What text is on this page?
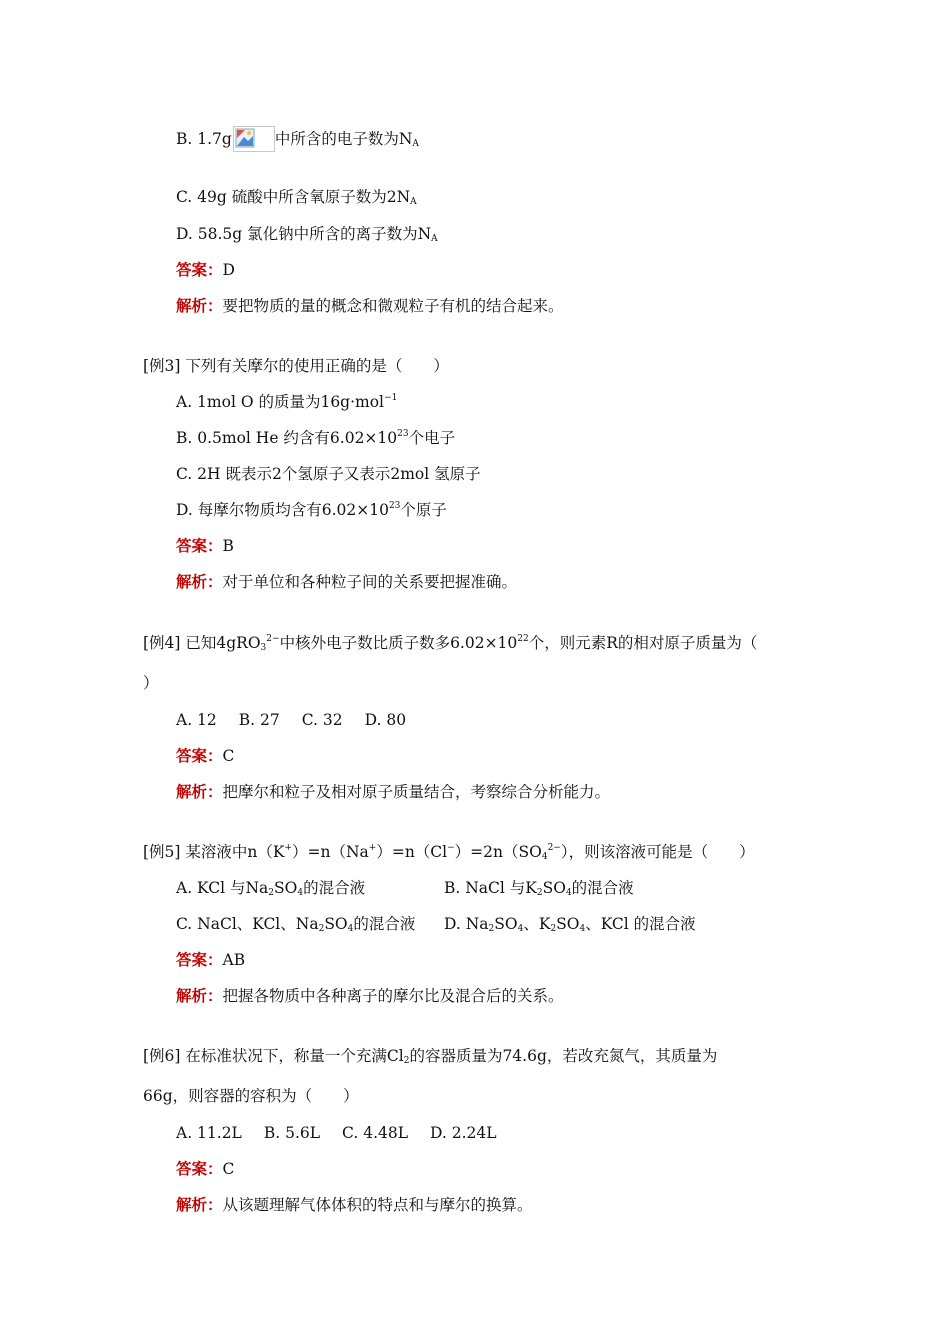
B. 1.7g	中所含的电子数为$N_A$
C. 49g 硫酸中所含氧原子数为$2N_A$
D. 58.5g 氯化钠中所含的离子数为$N_A$
答案：D
解析：要把物质的量的概念和微观粒子有机的结合起来。
[例3] 下列有关摩尔的使用正确的是（　　）
A. 1mol O 的质量为16g·mol$^{-1}$
B. 0.5mol He 约含有$6.02\times 10^{23}$个电子
C. 2H 既表示2个氢原子又表示2mol 氢原子
D. 每摩尔物质均含有$6.02\times 10^{23}$个原子
答案：B
解析：对于单位和各种粒子间的关系要把握准确。
[例4] 已知4gRO$_3^{2-}$中核外电子数比质子数多$6.02\times 10^{22}$个，则元素R的相对原子质量为（
）
A. 12 B. 27 C. 32 D. 80
答案：C
解析：把摩尔和粒子及相对原子质量结合，考察综合分析能力。
[例5] 某溶液中$n(K^+)=n(Na^+)=n(Cl^-)=2n(SO_4^{2-})$，则该溶液可能是（　　）
A. KCl 与$Na_2SO_4$的混合液	B. NaCl 与$K_2SO_4$的混合液
C. NaCl、KCl、$Na_2SO_4$的混合液 D. $Na_2SO_4$、$K_2SO_4$、KCl 的混合液
答案：AB
解析：把握各物质中各种离子的摩尔比及混合后的关系。
[例6] 在标准状况下，称量一个充满$Cl_2$的容器质量为74.6g，若改充氮气，其质量为
66g，则容器的容积为（　　）
A. 11.2L B. 5.6L C. 4.48L D. 2.24L
答案：C
解析：从该题理解气体体积的特点和与摩尔的换算。
